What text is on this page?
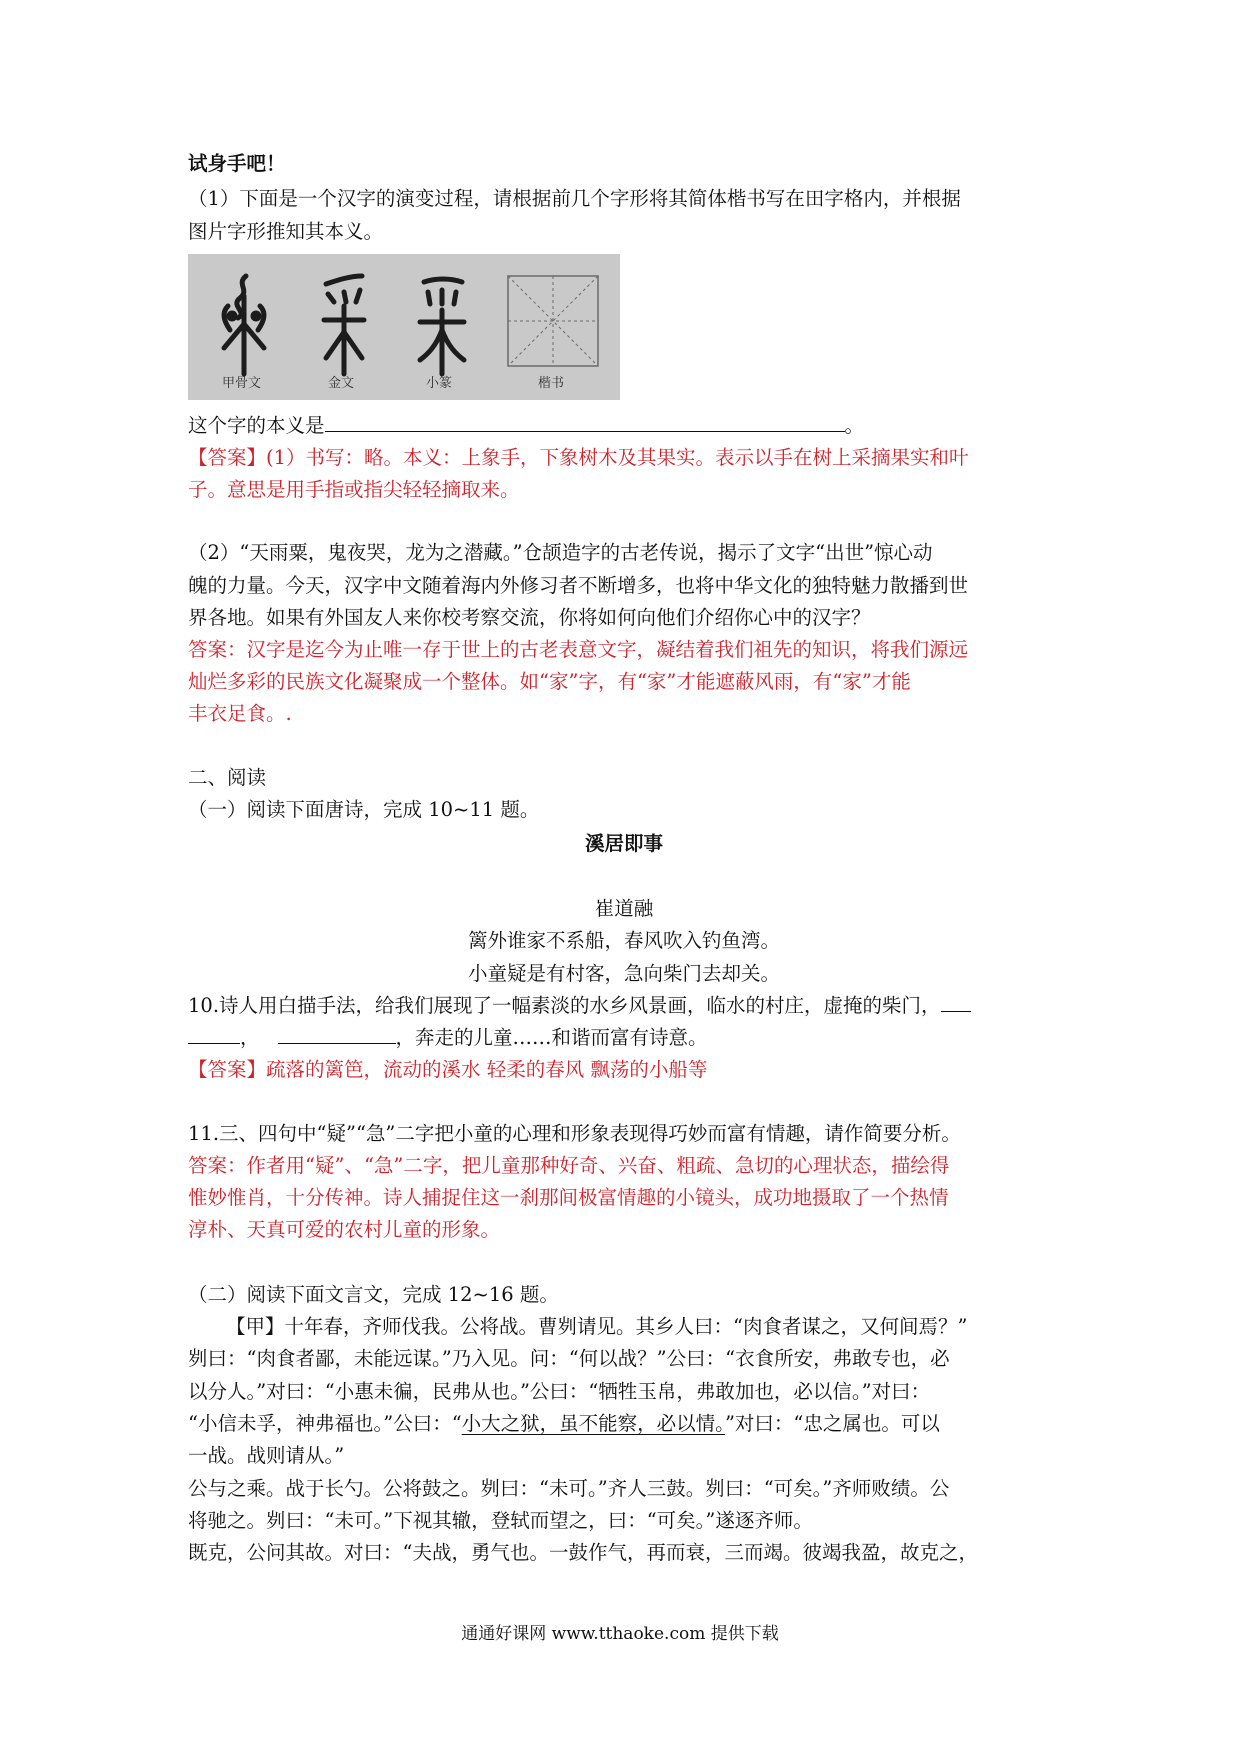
试身手吧！
（1）下面是一个汉字的演变过程，请根据前几个字形将其简体楷书写在田字格内，并根据
图片字形推知其本义。
甲骨文	金文	小篆	楷书
这个字的本义是	。
【答案】(1）书写：略。本义：上象手，下象树木及其果实。表示以手在树上采摘果实和叶
子。意思是用手指或指尖轻轻摘取来。
（2）“天雨粟，鬼夜哭，龙为之潜藏。”仓颉造字的古老传说，揭示了文字“出世”惊心动
魄的力量。今天，汉字中文随着海内外修习者不断增多，也将中华文化的独特魅力散播到世
界各地。如果有外国友人来你校考察交流，你将如何向他们介绍你心中的汉字？
答案：汉字是迄今为止唯一存于世上的古老表意文字，凝结着我们祖先的知识，将我们源远
灿烂多彩的民族文化凝聚成一个整体。如“家”字，有“家”才能遮蔽风雨，有“家”才能
丰衣足食。.
二、阅读
（一）阅读下面唐诗，完成 10~11 题。
溪居即事
崔道融
篱外谁家不系船，春风吹入钓鱼湾。
小童疑是有村客，急向柴门去却关。
10.诗人用白描手法，给我们展现了一幅素淡的水乡风景画，临水的村庄，虚掩的柴门，
，	，奔走的儿童……和谐而富有诗意。
【答案】疏落的篱笆，流动的溪水 轻柔的春风 飘荡的小船等
11.三、四句中“疑”“急”二字把小童的心理和形象表现得巧妙而富有情趣，请作简要分析。
答案：作者用“疑”、“急”二字，把儿童那种好奇、兴奋、粗疏、急切的心理状态，描绘得
惟妙惟肖，十分传神。诗人捕捉住这一刹那间极富情趣的小镜头，成功地摄取了一个热情
淳朴、天真可爱的农村儿童的形象。
（二）阅读下面文言文，完成 12~16 题。
【甲】十年春，齐师伐我。公将战。曹刿请见。其乡人曰：“肉食者谋之，又何间焉？”
刿曰：“肉食者鄙，未能远谋。”乃入见。问：“何以战？”公曰：“衣食所安，弗敢专也，必
以分人。”对曰：“小惠未徧，民弗从也。”公曰：“牺牲玉帛，弗敢加也，必以信。”对曰：
“小信未孚，神弗福也。”公曰：“小大之狱，虽不能察，必以情。”对曰：“忠之属也。可以
一战。战则请从。”
公与之乘。战于长勺。公将鼓之。刿曰：“未可。”齐人三鼓。刿曰：“可矣。”齐师败绩。公
将驰之。刿曰：“未可。”下视其辙，登轼而望之，曰：“可矣。”遂逐齐师。
既克，公问其故。对曰：“夫战，勇气也。一鼓作气，再而衰，三而竭。彼竭我盈，故克之，
通通好课网 www.tthaoke.com 提供下载
